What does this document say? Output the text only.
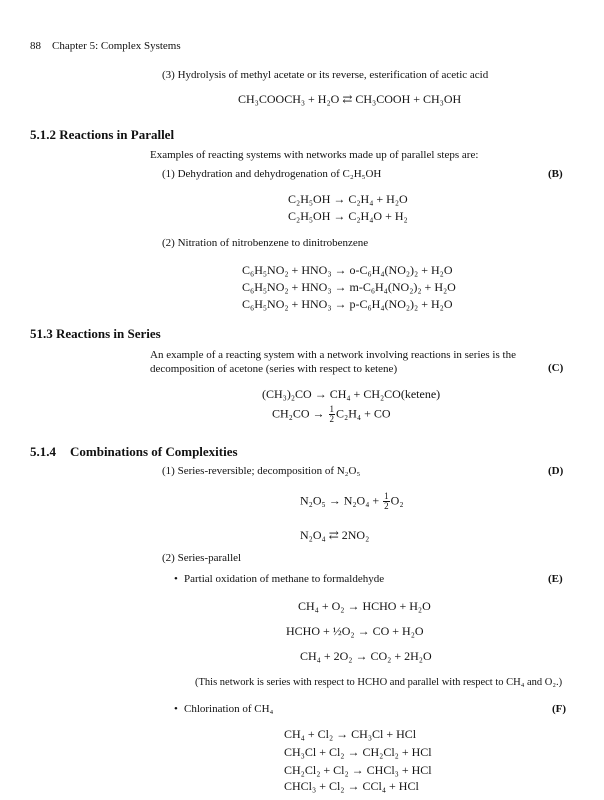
88 Chapter 5: Complex Systems
(3) Hydrolysis of methyl acetate or its reverse, esterification of acetic acid
CH₃COOCH₃ + H₂O ⇄ CH₃COOH + CH₃OH
5.1.2 Reactions in Parallel
Examples of reacting systems with networks made up of parallel steps are:
(1) Dehydration and dehydrogenation of C₂H₅OH	(B)
C₂H₅OH → C₂H₄ + H₂O
C₂H₅OH → C₂H₄O + H₂
(2) Nitration of nitrobenzene to dinitrobenzene
C₆H₅NO₂ + HNO₃ → o-C₆H₄(NO₂)₂ + H₂O
C₆H₅NO₂ + HNO₃ → m-C₆H₄(NO₂)₂ + H₂O
C₆H₅NO₂ + HNO₃ → p-C₆H₄(NO₂)₂ + H₂O
51.3 Reactions in Series
An example of a reacting system with a network involving reactions in series is the decomposition of acetone (series with respect to ketene)	(C)
(CH₃)₂CO → CH₄ + CH₂CO(ketene)
$CH_2CO \to \frac{1}{2} C_2H_4$ + CO
5.1.4 Combinations of Complexities
(1) Series-reversible; decomposition of N₂O₅	(D)
$N_2O_5 \to N_2O_4 + \frac{1}{2} O_2$
N₂O₄ ⇄ 2NO₂
(2) Series-parallel
• Partial oxidation of methane to formaldehyde	(E)
CH₄ + O₂ → HCHO + H₂O
HCHO + ½O₂ → CO + H₂O
CH₄ + 2O₂ → CO₂ + 2H₂O
(This network is series with respect to HCHO and parallel with respect to CH₄ and O₂.)
• Chlorination of CH₄	(F)
CH₄ + Cl₂ → CH₃Cl + HCl
CH₃Cl + Cl₂ → CH₂Cl₂ + HCl
CH₂Cl₂ + Cl₂ → CHCl₃ + HCl
CHCl₃ + Cl₂ → CCl₄ + HCl
